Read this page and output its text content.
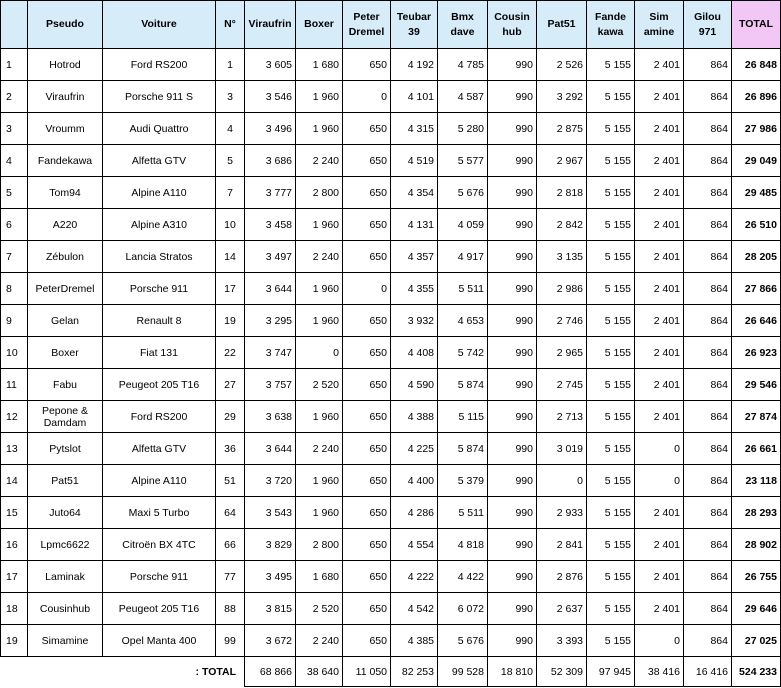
	Pseudo	Voiture	N°	Viraufrin	Boxer	Peter Dremel	Teubar 39	Bmx dave	Cousin hub	Pat51	Fande kawa	Sim amine	Gilou 971	TOTAL
1	Hotrod	Ford RS200	1	3 605	1 680	650	4 192	4 785	990	2 526	5 155	2 401	864	26 848
2	Viraufrin	Porsche 911 S	3	3 546	1 960	0	4 101	4 587	990	3 292	5 155	2 401	864	26 896
3	Vroumm	Audi Quattro	4	3 496	1 960	650	4 315	5 280	990	2 875	5 155	2 401	864	27 986
4	Fandekawa	Alfetta GTV	5	3 686	2 240	650	4 519	5 577	990	2 967	5 155	2 401	864	29 049
5	Tom94	Alpine A110	7	3 777	2 800	650	4 354	5 676	990	2 818	5 155	2 401	864	29 485
6	A220	Alpine A310	10	3 458	1 960	650	4 131	4 059	990	2 842	5 155	2 401	864	26 510
7	Zébulon	Lancia Stratos	14	3 497	2 240	650	4 357	4 917	990	3 135	5 155	2 401	864	28 205
8	PeterDremel	Porsche 911	17	3 644	1 960	0	4 355	5 511	990	2 986	5 155	2 401	864	27 866
9	Gelan	Renault 8	19	3 295	1 960	650	3 932	4 653	990	2 746	5 155	2 401	864	26 646
10	Boxer	Fiat 131	22	3 747	0	650	4 408	5 742	990	2 965	5 155	2 401	864	26 923
11	Fabu	Peugeot 205 T16	27	3 757	2 520	650	4 590	5 874	990	2 745	5 155	2 401	864	29 546
12	Pepone & Damdam	Ford RS200	29	3 638	1 960	650	4 388	5 115	990	2 713	5 155	2 401	864	27 874
13	Pytslot	Alfetta GTV	36	3 644	2 240	650	4 225	5 874	990	3 019	5 155	0	864	26 661
14	Pat51	Alpine A110	51	3 720	1 960	650	4 400	5 379	990	0	5 155	0	864	23 118
15	Juto64	Maxi 5 Turbo	64	3 543	1 960	650	4 286	5 511	990	2 933	5 155	2 401	864	28 293
16	Lpmc6622	Citroën BX 4TC	66	3 829	2 800	650	4 554	4 818	990	2 841	5 155	2 401	864	28 902
17	Laminak	Porsche 911	77	3 495	1 680	650	4 222	4 422	990	2 876	5 155	2 401	864	26 755
18	Cousinhub	Peugeot 205 T16	88	3 815	2 520	650	4 542	6 072	990	2 637	5 155	2 401	864	29 646
19	Simamine	Opel Manta 400	99	3 672	2 240	650	4 385	5 676	990	3 393	5 155	0	864	27 025
			TOTAL :	68 866	38 640	11 050	82 253	99 528	18 810	52 309	97 945	38 416	16 416	524 233
